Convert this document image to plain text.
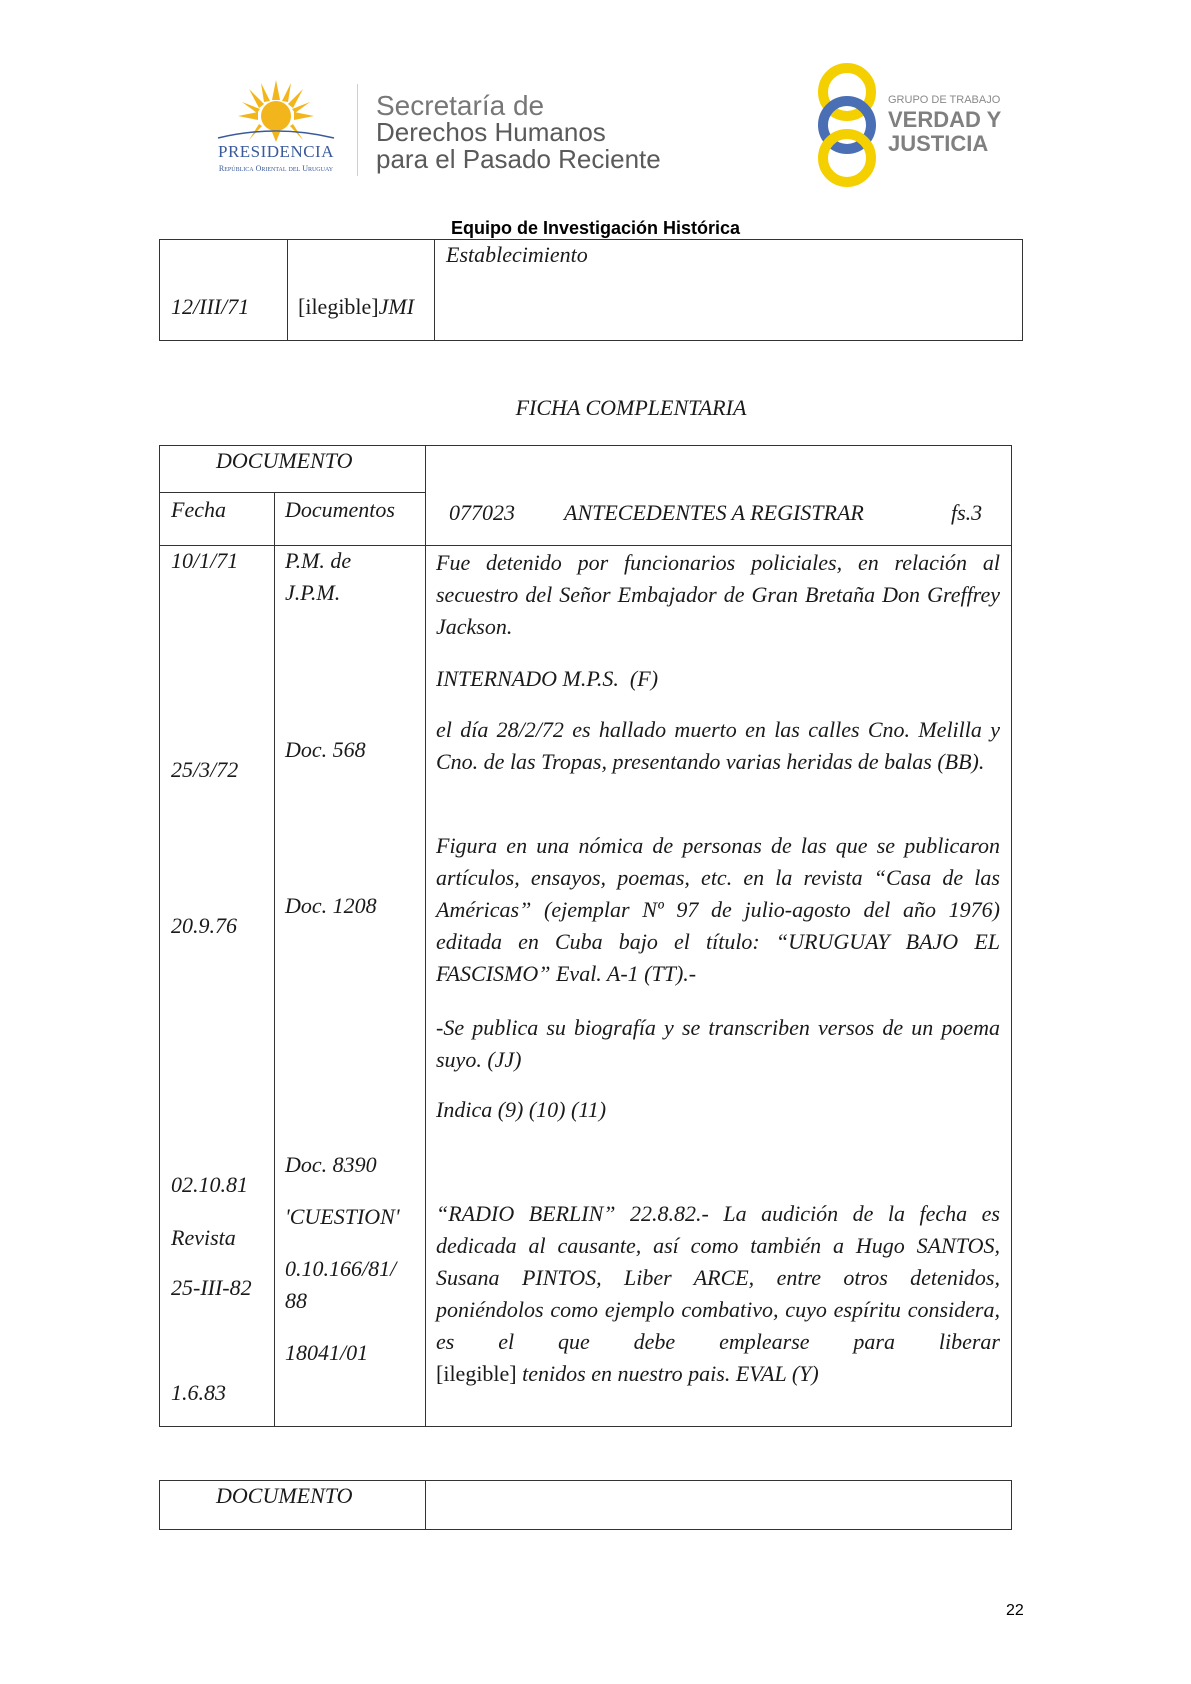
PRESIDENCIA
República Oriental del Uruguay
Secretaría de
Derechos Humanos
para el Pasado Reciente
GRUPO DE TRABAJO
VERDAD Y
JUSTICIA
Equipo de Investigación Histórica
Establecimiento
12/III/71 [ilegible]JMI
FICHA COMPLENTARIA
DOCUMENTO
Fecha	Documentos 077023 ANTECEDENTES A REGISTRAR	fs.3
10/1/71
25/3/72
20.9.76
02.10.81
Revista
25-III-82
1.6.83
P.M. de
J.P.M.
Doc. 568
Doc. 1208
Doc. 8390
'CUESTION'
0.10.166/81/
88
18041/01
Fue detenido por funcionarios policiales, en relación al secuestro del Señor Embajador de Gran Bretaña Don Greffrey Jackson.
INTERNADO M.P.S.  (F)
el día 28/2/72 es hallado muerto en las calles Cno. Melilla y Cno. de las Tropas, presentando varias heridas de balas (BB).
Figura en una nómica de personas de las que se publicaron artículos, ensayos, poemas, etc. en la revista “Casa de las Américas” (ejemplar Nº 97 de julio-agosto del año 1976) editada en Cuba bajo el título: “URUGUAY BAJO EL FASCISMO” Eval. A-1 (TT).-
-Se publica su biografía y se transcriben versos de un poema suyo. (JJ)
Indica (9) (10) (11)
“RADIO BERLIN” 22.8.82.- La audición de la fecha es dedicada al causante, así como también a Hugo SANTOS, Susana PINTOS, Liber ARCE, entre otros detenidos, poniéndolos como ejemplo combativo, cuyo espíritu considera, es el que debe emplearse para liberar
[ilegible] tenidos en nuestro pais. EVAL (Y)
DOCUMENTO
22
